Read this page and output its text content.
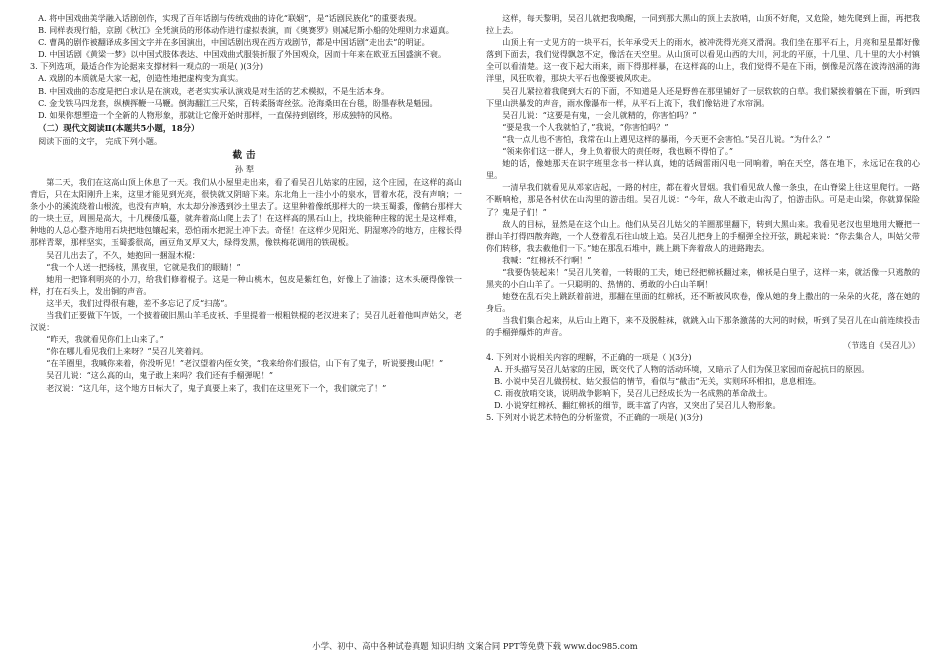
A. 将中国戏曲美学融入话剧创作，实现了百年话剧与传统戏曲的诗化“联姻”，是“话剧民族化”的重要表现。

B. 同样表现行船，京剧《秋江》全凭演员的形体动作进行虚拟表演，而《奥赛罗》则减尼斯小船的处理则力求逼真。

C. 曹禺的剧作被翻译成多国文字并在多国演出，中国话剧出现在西方戏剧节，都是中国话剧“走出去”的明证。

D. 中国话剧《黄梁一梦》以中国式肢体表达、中国戏曲式服装折服了外国观众，因而十年来在欧亚五国盛演不衰。

3. 下列选项，最适合作为论据来支撑材料一观点的一项是( )(3分)

A. 戏剧的本质就是大家一起，创造性地把虚构变为真实。

B. 中国戏曲的态度是把白求认是在演戏，老老实实承认演戏是对生活的艺术模拟，不是生活本身。

C. 金戈铁马四龙套，纵横挥鞭一马鞭。倒海翻江三尺桨，百转柔肠寄丝弦。沧海桑田在台毯，盼墨春秋是魁园。

D. 如果你想塑造一个全新的人物形象，那就让它像开始时那样，一直保持到剧终，形成独特的风格。

（二）现代文阅读Ⅱ(本题共5小题，18分）

阅读下面的文字， 完成下列小题。

截击

孙犁

第二天，我们在这高山顶上休息了一天。我们从小屋里走出来，看了看吴召儿姑家的庄园，这个庄园，在这样的高山背后，只在太阳刚升上来，这里才能见到光亮，很快就又阴暗下来。东北角上一洼小小的泉水，冒着水花，没有声响；一条小小的溪流绕着山根流，也没有声响，水太却分渗透到沙土里去了。这里种着像纸那样大的一块玉蜀黍，像鹤台那样大的一块土豆，周围是高大，十几棵倭瓜蔓，就奔着高山爬上去了！在这样高的黑石山上，找块能种庄稼的泥土是这样难，种地的人总心整齐地用石块把地包镶起来，恐怕雨水把泥土冲下去。奇怪！在这样少见阳光、阴湿寒冷的地方，庄稼长得那样青翠，那样坚实，玉蜀黍很高，画豆角叉厚又大，绿得发黑，像铁梅花调用的铁砚板。

吴召儿出去了，不久，她抱回一捆湿木棍：

“我一个人送一把扬枝，黑夜里，它就是我们的眼睛！”

她用一把锋利明亮的小刀，给我们修着棍子。这是一种山桃木，包皮是紫红色，好像上了油漆；这木头硬得像铁一样，打在石头上，发出铜的声音。

这半天，我们过得很有趣，差不多忘记了反“扫荡”。

当我们正要做下午饭，一个披着破旧黑山羊毛皮袄、手里提着一根粗铁棍的老汉进来了；吴召儿赶着他叫声姑父，老汉说：

“昨天，我就看见你们上山来了。”

“你在哪儿看见我们上来呀？”吴召儿笑着问。

“在羊圈里，我喊你来着，你没听见！”老汉望着内侄女笑，“我来给你们报信，山下有了鬼子，听说要搜山呢！”

吴召儿说：“这么高的山，鬼子敢上来吗？我们还有手榴弹呢！”

老汉说：“这几年，这个地方日标大了，鬼子真要上来了，我们在这里死下一个，我们就完了！”

这样，每天黎明，吴召儿就把我唤醒，一同到那大黑山的顶上去放哨，山顶不好爬，又危险，她先爬到上面，再把我拉上去。

山顶上有一丈见方的一块平石，长年承受天上的雨水，被冲洗得光亮又滑润。我们坐在那平石上，月亮和星星都好像落到下面去，我们觉得飘忽不定，像活在天空里。从山顶可以看见山西的大川，河北的平原，十几里、几十里的大小村镇全可以看清楚。这一夜下起大雨来，雨下得那样暴，在这样高的山上，我们觉得不是在下雨，倒像是沉落在波涛汹涌的海洋里，风狂吹着，那块大平石也像要被风吹走。

吴召儿紧拉着我爬到大石的下面，不知道是人还是野兽在那里铺好了一层软软的白草。我们紧挨着躺在下面，听到四下里山洪暴发的声音，雨水像瀑布一样，从平石上流下，我们像钻进了水帘洞。

吴召儿说：“这要是有鬼，一会儿就精的，你害怕吗？”

“要是我一个人我就怕了，”我说，“你害怕吗？”

“我一点儿也不害怕，我常在山上遇见这样的暴雨，今天更不会害怕。”吴召儿说。“为什么？”

“领来你们这一群人，身上负着很大的责任呀，我也顾不得怕了。”

她的话，像她那天在识字班里念书一样认真，她的话阔雷雨闪电一同响着，响在天空，落在地下，永远记在我的心里。

一清早我们就看见从邓家店起，一路的村庄，都在着火冒烟。我们看见敌人像一条虫，在山脊梁上往这里爬行。一路不断响枪，那是各村伏在山沟里的游击组。吴召儿说：“今年，敌人不敢走山沟了，怕游击队。可是走山梁，你就算保险了？鬼是子们！”

敌人的目标，显然是在这个山上。他们从吴召儿姑父的羊圈那里翻下，转到大黑山来。我看见老汉也里地用大鞭把一群山羊打得四散奔跑，一个人登着乱石往山坡上追。吴召儿把身上的手榴弹全拉开弦，跳起来说：“你去集合人，叫姑父带你们转移，我去截他们一下。”她在那乱石堆中，跳上跳下奔着敌人的进路跑去。

我喊：“红棉袄不行啊！”

“我要伪装起来！”吴召儿笑着，一转眼的工夫，她已经把棉袄翻过来，棉袄是白里子，这样一来，就活像一只逃散的黑夹的小白山羊了。一只聪明的、热情的、勇敢的小白山羊啊！

她登在乱石尖上跳跃着前进，那翻在里面的红棉袄，还不断被风吹卷，像从她的身上撒出的一朵朵的火花，落在她的身后。

当我们集合起来，从后山上跑下，来不及脱鞋袜，就跳入山下那条激荡的大河的时候，听到了吴召儿在山前连续投击的手榴弹爆炸的声音。

（节选自《吴召儿》）

4. 下列对小说相关内容的理解，不正确的一项是（ )(3分)

A. 开头描写吴召儿姑家的庄园，既交代了人物的活动环境，又暗示了人们为保卫家园而奋起抗日的原因。

B. 小说中吴召儿做拐杖、姑父报信的情节，看似与“截击”无关，实则环环相扣，息息相连。

C. 雨夜放哨交谈，说明战争影响下，吴召儿已经成长为一名成熟的革命战士。

D. 小说穿红棉袄、翻红棉袄的细节，既丰富了内容，又突出了吴召儿人物形象。

5. 下列对小说艺术特色的分析鉴赏，不正确的一项是( )(3分)

小学、初中、高中各种试卷真题 知识归纳 文案合同 PPT等免费下载 www.doc985.com
